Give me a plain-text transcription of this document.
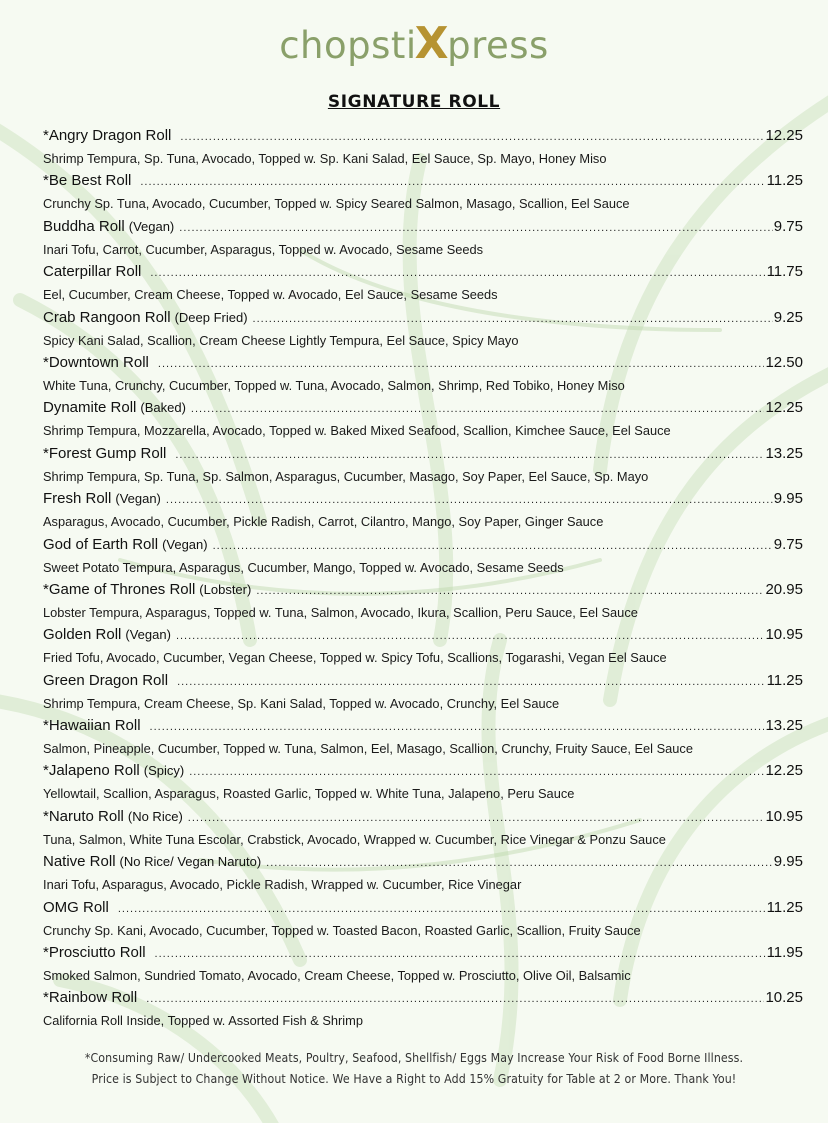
chopstiXpress
SIGNATURE ROLL
*Angry Dragon Roll .....	12.25
Shrimp Tempura, Sp. Tuna, Avocado, Topped w. Sp. Kani Salad, Eel Sauce, Sp. Mayo, Honey Miso
*Be Best Roll .....	11.25
Crunchy Sp. Tuna, Avocado, Cucumber, Topped w. Spicy Seared Salmon, Masago, Scallion, Eel Sauce
Buddha Roll (Vegan) .....	9.75
Inari Tofu, Carrot, Cucumber, Asparagus, Topped w. Avocado, Sesame Seeds
Caterpillar Roll .....	11.75
Eel, Cucumber, Cream Cheese, Topped w. Avocado, Eel Sauce, Sesame Seeds
Crab Rangoon Roll (Deep Fried) .....	9.25
Spicy Kani Salad, Scallion, Cream Cheese Lightly Tempura, Eel Sauce, Spicy Mayo
*Downtown Roll .....	12.50
White Tuna, Crunchy, Cucumber, Topped w. Tuna, Avocado, Salmon, Shrimp, Red Tobiko, Honey Miso
Dynamite Roll (Baked) .....	12.25
Shrimp Tempura, Mozzarella, Avocado, Topped w. Baked Mixed Seafood, Scallion, Kimchee Sauce, Eel Sauce
*Forest Gump Roll .....	13.25
Shrimp Tempura, Sp. Tuna, Sp. Salmon, Asparagus, Cucumber, Masago, Soy Paper, Eel Sauce, Sp. Mayo
Fresh Roll (Vegan) .....	9.95
Asparagus, Avocado, Cucumber, Pickle Radish, Carrot, Cilantro, Mango, Soy Paper, Ginger Sauce
God of Earth Roll (Vegan) .....	9.75
Sweet Potato Tempura, Asparagus, Cucumber, Mango, Topped w. Avocado, Sesame Seeds
*Game of Thrones Roll (Lobster) .....	20.95
Lobster Tempura, Asparagus, Topped w. Tuna, Salmon, Avocado, Ikura, Scallion, Peru Sauce, Eel Sauce
Golden Roll (Vegan) .....	10.95
Fried Tofu, Avocado, Cucumber, Vegan Cheese, Topped w. Spicy Tofu, Scallions, Togarashi, Vegan Eel Sauce
Green Dragon Roll .....	11.25
Shrimp Tempura, Cream Cheese, Sp. Kani Salad, Topped w. Avocado, Crunchy, Eel Sauce
*Hawaiian Roll .....	13.25
Salmon, Pineapple, Cucumber, Topped w. Tuna, Salmon, Eel, Masago, Scallion, Crunchy, Fruity Sauce, Eel Sauce
*Jalapeno Roll (Spicy) .....	12.25
Yellowtail, Scallion, Asparagus, Roasted Garlic, Topped w. White Tuna, Jalapeno, Peru Sauce
*Naruto Roll (No Rice) .....	10.95
Tuna, Salmon, White Tuna Escolar, Crabstick, Avocado, Wrapped w. Cucumber, Rice Vinegar & Ponzu Sauce
Native Roll (No Rice/ Vegan Naruto) .....	9.95
Inari Tofu, Asparagus, Avocado, Pickle Radish, Wrapped w. Cucumber, Rice Vinegar
OMG Roll .....	11.25
Crunchy Sp. Kani, Avocado, Cucumber, Topped w. Toasted Bacon, Roasted Garlic, Scallion, Fruity Sauce
*Prosciutto Roll .....	11.95
Smoked Salmon, Sundried Tomato, Avocado, Cream Cheese, Topped w. Prosciutto, Olive Oil, Balsamic
*Rainbow Roll .....	10.25
California Roll Inside, Topped w. Assorted Fish & Shrimp
*Consuming Raw/ Undercooked Meats, Poultry, Seafood, Shellfish/ Eggs May Increase Your Risk of Food Borne Illness.
Price is Subject to Change Without Notice. We Have a Right to Add 15% Gratuity for Table at 2 or More. Thank You!
